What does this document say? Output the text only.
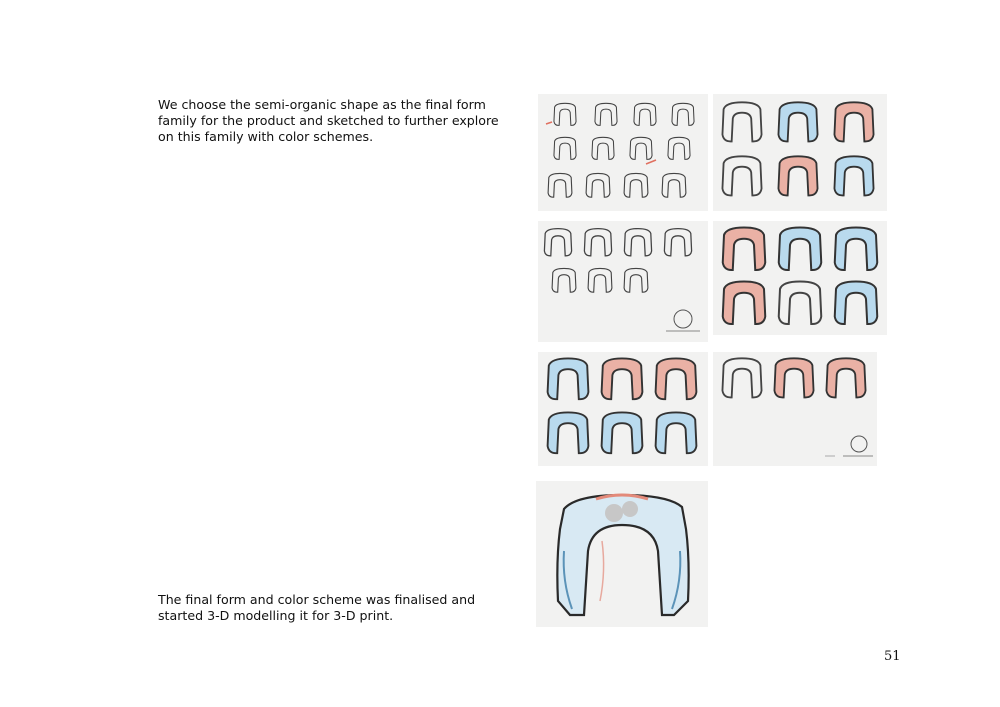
We choose the semi-organic shape as the final form family for the product and sketched to further explore on this family with color schemes.

The final form and color scheme was finalised and started 3-D modelling it for 3-D print.

51
